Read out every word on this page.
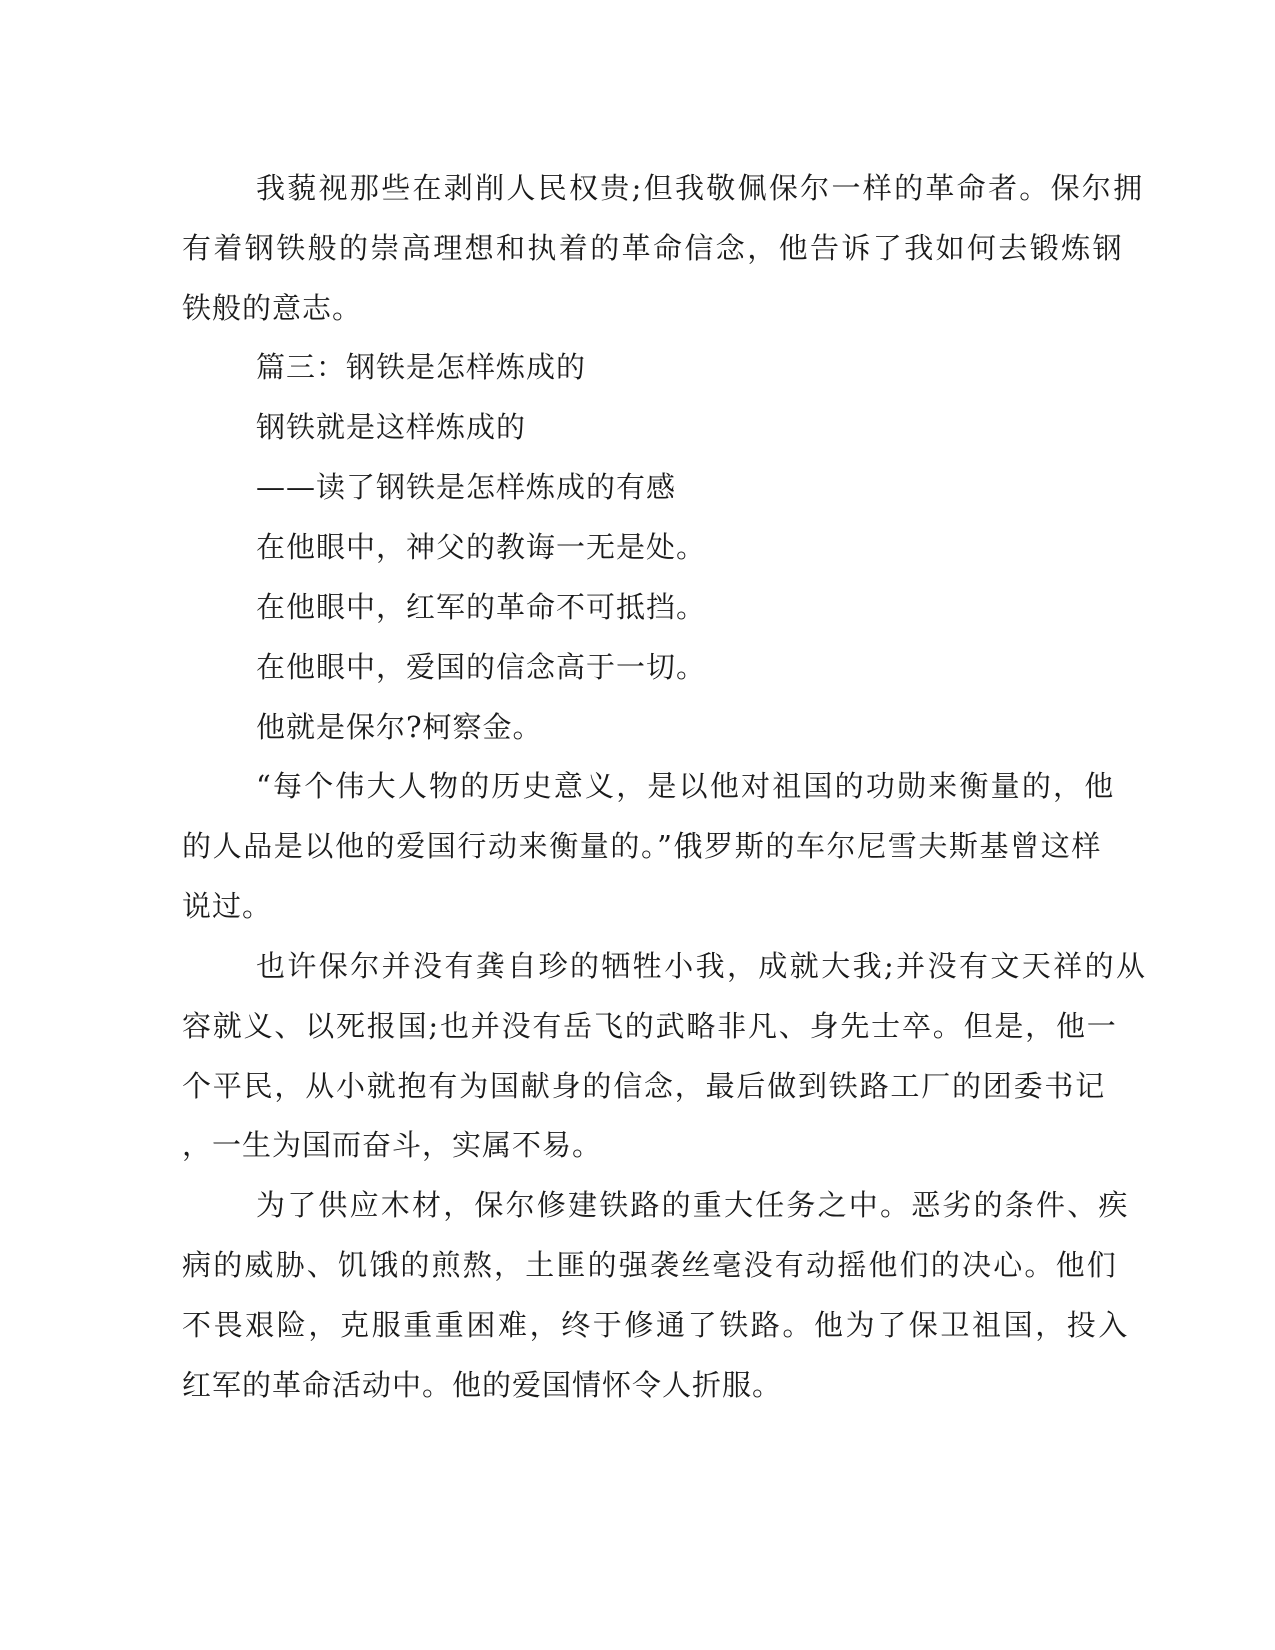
我藐视那些在剥削人民权贵;但我敬佩保尔一样的革命者。保尔拥
有着钢铁般的崇高理想和执着的革命信念，他告诉了我如何去锻炼钢
铁般的意志。
篇三：钢铁是怎样炼成的
钢铁就是这样炼成的
——读了钢铁是怎样炼成的有感
在他眼中，神父的教诲一无是处。
在他眼中，红军的革命不可抵挡。
在他眼中，爱国的信念高于一切。
他就是保尔?柯察金。
“每个伟大人物的历史意义，是以他对祖国的功勋来衡量的，他
的人品是以他的爱国行动来衡量的。”俄罗斯的车尔尼雪夫斯基曾这样
说过。
也许保尔并没有龚自珍的牺牲小我，成就大我;并没有文天祥的从
容就义、以死报国;也并没有岳飞的武略非凡、身先士卒。但是，他一
个平民，从小就抱有为国献身的信念，最后做到铁路工厂的团委书记
，一生为国而奋斗，实属不易。
为了供应木材，保尔修建铁路的重大任务之中。恶劣的条件、疾
病的威胁、饥饿的煎熬，土匪的强袭丝毫没有动摇他们的决心。他们
不畏艰险，克服重重困难，终于修通了铁路。他为了保卫祖国，投入
红军的革命活动中。他的爱国情怀令人折服。
